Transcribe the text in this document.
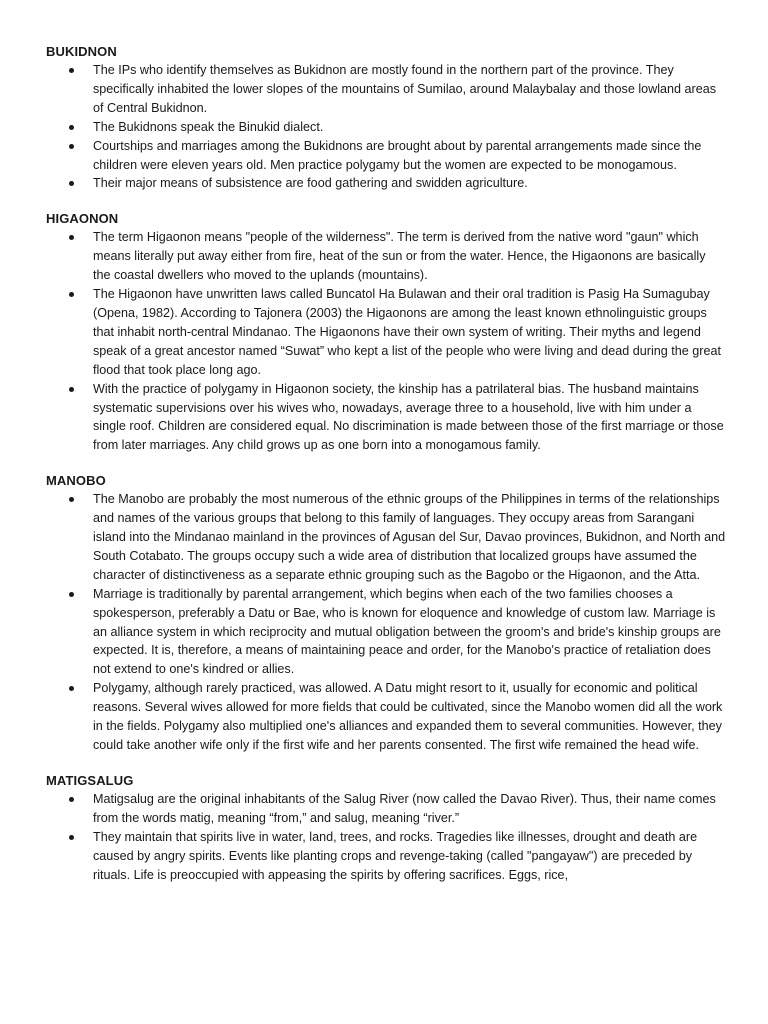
BUKIDNON
The IPs who identify themselves as Bukidnon are mostly found in the northern part of the province. They specifically inhabited the lower slopes of the mountains of Sumilao, around Malaybalay and those lowland areas of Central Bukidnon.
The Bukidnons speak the Binukid dialect.
Courtships and marriages among the Bukidnons are brought about by parental arrangements made since the children were eleven years old. Men practice polygamy but the women are expected to be monogamous.
Their major means of subsistence are food gathering and swidden agriculture.
HIGAONON
The term Higaonon means "people of the wilderness". The term is derived from the native word "gaun" which means literally put away either from fire, heat of the sun or from the water. Hence, the Higaonons are basically the coastal dwellers who moved to the uplands (mountains).
The Higaonon have unwritten laws called Buncatol Ha Bulawan and their oral tradition is Pasig Ha Sumagubay (Opena, 1982). According to Tajonera (2003) the Higaonons are among the least known ethnolinguistic groups that inhabit north-central Mindanao. The Higaonons have their own system of writing. Their myths and legend speak of a great ancestor named “Suwat” who kept a list of the people who were living and dead during the great flood that took place long ago.
With the practice of polygamy in Higaonon society, the kinship has a patrilateral bias. The husband maintains systematic supervisions over his wives who, nowadays, average three to a household, live with him under a single roof. Children are considered equal. No discrimination is made between those of the first marriage or those from later marriages. Any child grows up as one born into a monogamous family.
MANOBO
The Manobo are probably the most numerous of the ethnic groups of the Philippines in terms of the relationships and names of the various groups that belong to this family of languages. They occupy areas from Sarangani island into the Mindanao mainland in the provinces of Agusan del Sur, Davao provinces, Bukidnon, and North and South Cotabato. The groups occupy such a wide area of distribution that localized groups have assumed the character of distinctiveness as a separate ethnic grouping such as the Bagobo or the Higaonon, and the Atta.
Marriage is traditionally by parental arrangement, which begins when each of the two families chooses a spokesperson, preferably a Datu or Bae, who is known for eloquence and knowledge of custom law. Marriage is an alliance system in which reciprocity and mutual obligation between the groom's and bride's kinship groups are expected. It is, therefore, a means of maintaining peace and order, for the Manobo's practice of retaliation does not extend to one's kindred or allies.
Polygamy, although rarely practiced, was allowed. A Datu might resort to it, usually for economic and political reasons. Several wives allowed for more fields that could be cultivated, since the Manobo women did all the work in the fields. Polygamy also multiplied one's alliances and expanded them to several communities. However, they could take another wife only if the first wife and her parents consented. The first wife remained the head wife.
MATIGSALUG
Matigsalug are the original inhabitants of the Salug River (now called the Davao River). Thus, their name comes from the words matig, meaning “from,” and salug, meaning “river.”
They maintain that spirits live in water, land, trees, and rocks. Tragedies like illnesses, drought and death are caused by angry spirits. Events like planting crops and revenge-taking (called "pangayaw") are preceded by rituals. Life is preoccupied with appeasing the spirits by offering sacrifices. Eggs, rice,
